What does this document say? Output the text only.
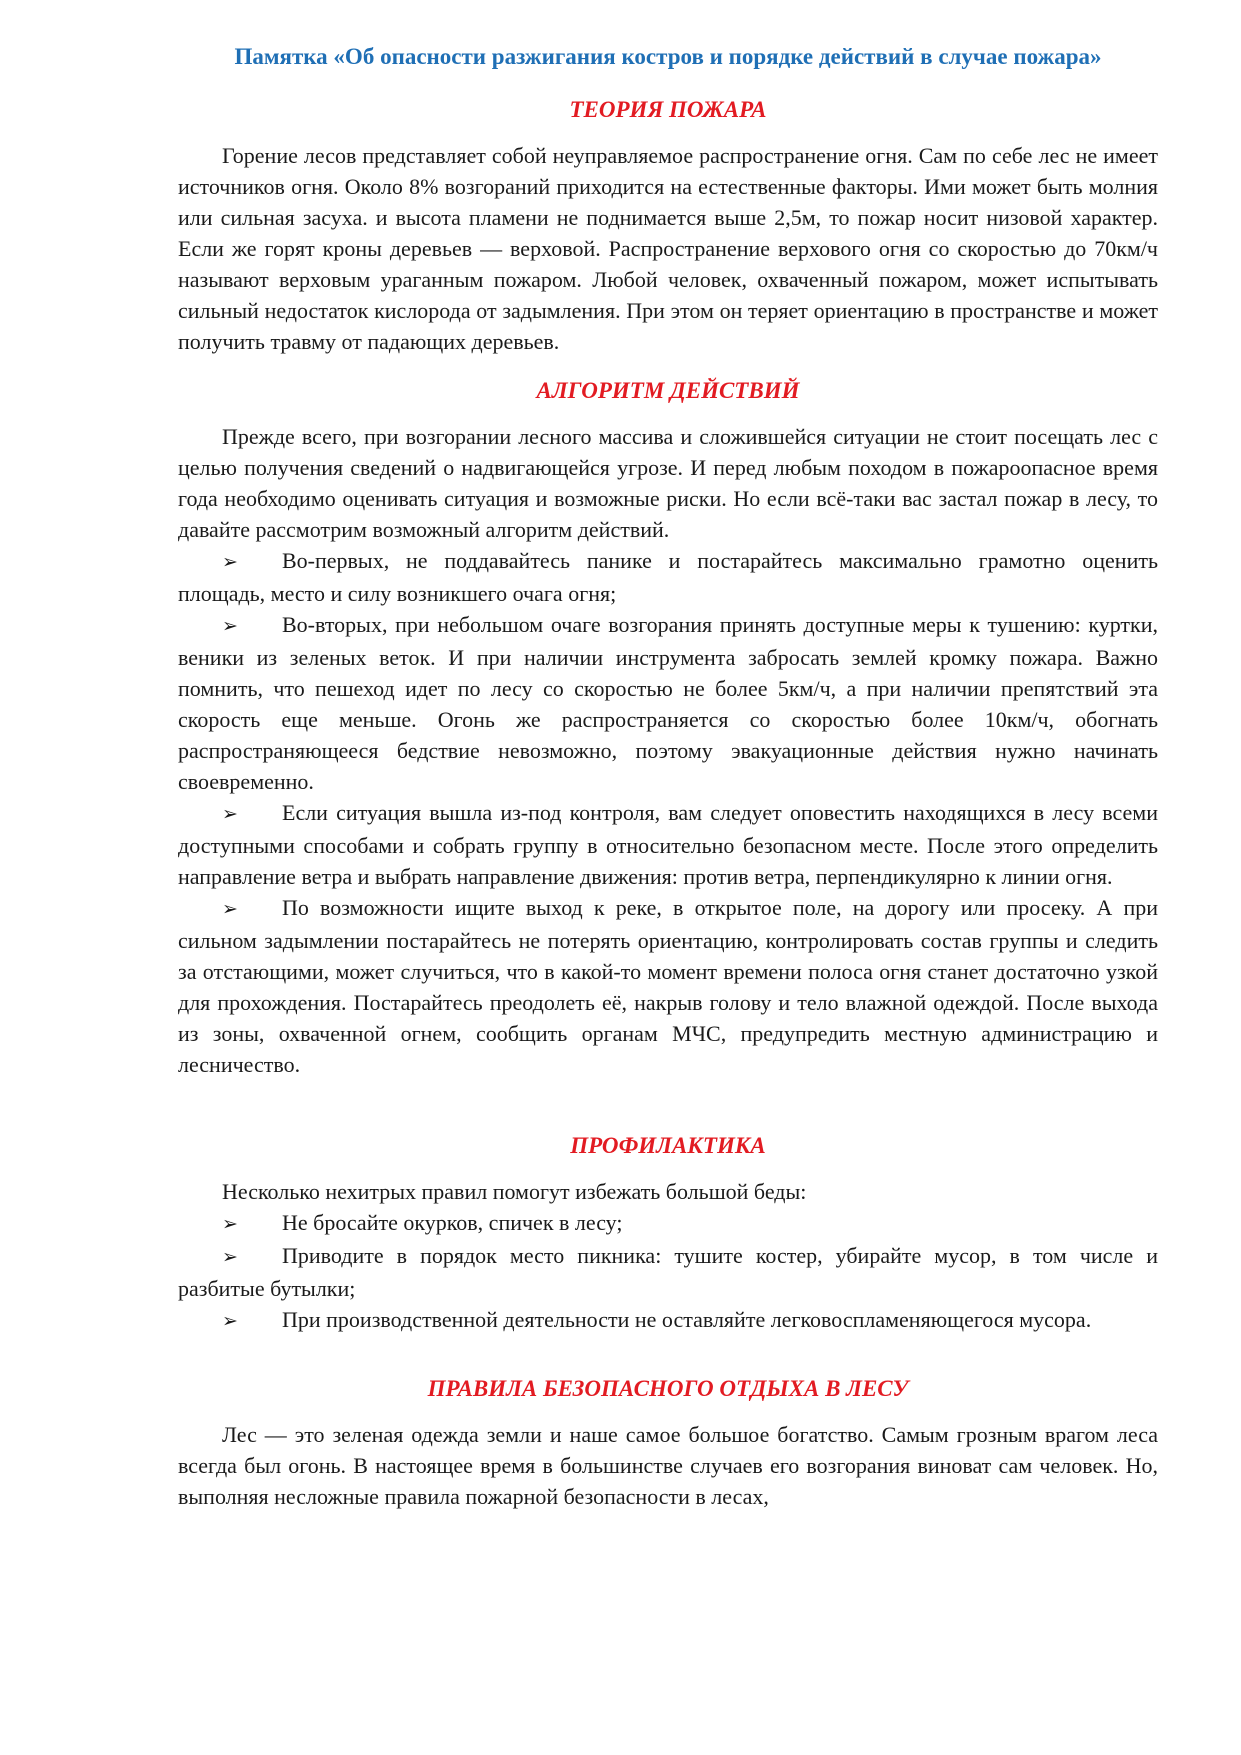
Памятка «Об опасности разжигания костров и порядке действий в случае пожара»
ТЕОРИЯ ПОЖАРА

Горение лесов представляет собой неуправляемое распространение огня. Сам по себе лес не имеет источников огня. Около 8% возгораний приходится на естественные факторы. Ими может быть молния или сильная засуха. и высота пламени не поднимается выше 2,5м, то пожар носит низовой характер. Если же горят кроны деревьев — верховой. Распространение верхового огня со скоростью до 70км/ч называют верховым ураганным пожаром. Любой человек, охваченный пожаром, может испытывать сильный недостаток кислорода от задымления. При этом он теряет ориентацию в пространстве и может получить травму от падающих деревьев.

АЛГОРИТМ ДЕЙСТВИЙ

Прежде всего, при возгорании лесного массива и сложившейся ситуации не стоит посещать лес с целью получения сведений о надвигающейся угрозе. И перед любым походом в пожароопасное время года необходимо оценивать ситуация и возможные риски. Но если всё-таки вас застал пожар в лесу, то давайте рассмотрим возможный алгоритм действий.

➢ Во-первых, не поддавайтесь панике и постарайтесь максимально грамотно оценить площадь, место и силу возникшего очага огня;

➢ Во-вторых, при небольшом очаге возгорания принять доступные меры к тушению: куртки, веники из зеленых веток. И при наличии инструмента забросать землей кромку пожара. Важно помнить, что пешеход идет по лесу со скоростью не более 5км/ч, а при наличии препятствий эта скорость еще меньше. Огонь же распространяется со скоростью более 10км/ч, обогнать распространяющееся бедствие невозможно, поэтому эвакуационные действия нужно начинать своевременно.

➢ Если ситуация вышла из-под контроля, вам следует оповестить находящихся в лесу всеми доступными способами и собрать группу в относительно безопасном месте. После этого определить направление ветра и выбрать направление движения: против ветра, перпендикулярно к линии огня.

➢ По возможности ищите выход к реке, в открытое поле, на дорогу или просеку. А при сильном задымлении постарайтесь не потерять ориентацию, контролировать состав группы и следить за отстающими, может случиться, что в какой-то момент времени полоса огня станет достаточно узкой для прохождения. Постарайтесь преодолеть её, накрыв голову и тело влажной одеждой. После выхода из зоны, охваченной огнем, сообщить органам МЧС, предупредить местную администрацию и лесничество.

ПРОФИЛАКТИКА

Несколько нехитрых правил помогут избежать большой беды:

➢ Не бросайте окурков, спичек в лесу;

➢ Приводите в порядок место пикника: тушите костер, убирайте мусор, в том числе и разбитые бутылки;

➢ При производственной деятельности не оставляйте легковоспламеняющегося мусора.

ПРАВИЛА БЕЗОПАСНОГО ОТДЫХА В ЛЕСУ

Лес — это зеленая одежда земли и наше самое большое богатство. Самым грозным врагом леса всегда был огонь. В настоящее время в большинстве случаев его возгорания виноват сам человек. Но, выполняя несложные правила пожарной безопасности в лесах,
